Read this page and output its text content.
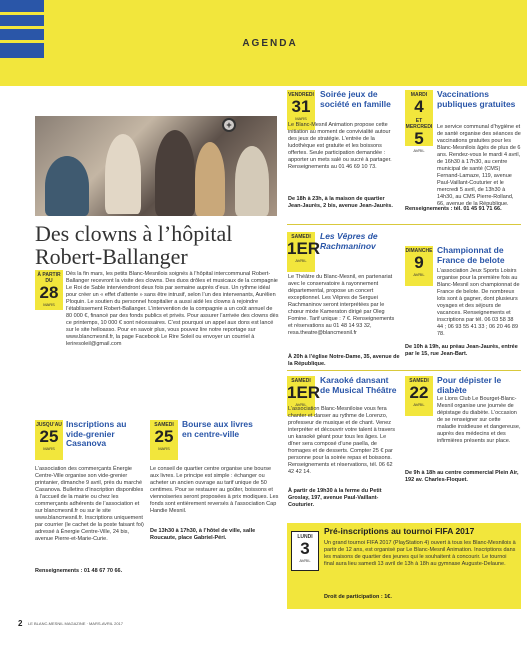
AGENDA
+
Des clowns à l’hôpital Robert-Ballanger
À PARTIR DU
28
MARS
Dès la fin mars, les petits Blanc-Mesnilois soignés à l’hôpital intercommunal Robert-Ballanger recevront la visite des clowns. Des duos drôles et musicaux de la compagnie Le Roi de Sable interviendront deux fois par semaine auprès d’eux. Un rythme idéal pour créer un « effet d’attente » sans être intrusif, selon l’un des intervenants, Aurélien Ploquin. Le soutien du personnel hospitalier a aussi aidé les clowns à rejoindre l’établissement Robert-Ballanger. L’intervention de la compagnie a un coût annuel de 80 000 €, financé par des fonds publics et privés. Pour assurer l’arrivée des clowns dès ce printemps, 10 000 € sont nécessaires. C’est pourquoi un appel aux dons est lancé sur le site helloasso. Pour en savoir plus, vous pouvez lire notre reportage sur www.blancmesnil.fr, la page Facebook Le Rire Soleil ou envoyer un courriel à leriresoleil@gmail.com
VENDREDI
31
MARS
Soirée jeux de société en famille
Le Blanc-Mesnil Animation propose cette initiation au moment de convivialité autour des jeux de stratégie. L’entrée de la ludothèque est gratuite et les boissons offertes. Seule participation demandée : apporter un mets salé ou sucré à partager. Renseignements au 01 46 69 10 73.
De 18h à 23h, à la maison de quartier Jean-Jaurès, 2 bis, avenue Jean-Jaurès.
MARDI
4
ET MERCREDI
5
AVRIL
Vaccinations publiques gratuites
Le service communal d’hygiène et de santé organise des séances de vaccinations gratuites pour les Blanc-Mesnilois âgés de plus de 6 ans. Rendez-vous le mardi 4 avril, de 16h30 à 17h30, au centre municipal de santé (CMS) Fernand-Lamaze, 119, avenue Paul-Vaillant-Couturier et le mercredi 5 avril, de 13h30 à 14h30, au CMS Pierre-Rolland, 66, avenue de la République.
Renseignements : tél. 01 45 91 71 66.
SAMEDI
1ER
AVRIL
Les Vêpres de Rachmaninov
Le Théâtre du Blanc-Mesnil, en partenariat avec le conservatoire à rayonnement départemental, propose un concert exceptionnel. Les Vêpres de Serguei Rachmaninov seront interprétées par le chœur mixte Kameraton dirigé par Oleg Fomine. Tarif unique : 7 €. Renseignements et réservations au 01 48 14 93 32, resa.theatre@blancmesnil.fr
À 20h à l’église Notre-Dame, 35, avenue de la République.
DIMANCHE
9
AVRIL
Championnat de France de belote
L’association Jeux Sports Loisirs organise pour la première fois au Blanc-Mesnil son championnat de France de belote. De nombreux lots sont à gagner, dont plusieurs voyages et des séjours de vacances. Renseignements et inscriptions par tél. 06 03 58 38 44 ; 06 93 55 41 33 ; 06 20 46 89 78.
De 10h à 19h, au préau Jean-Jaurès, entrée par le 15, rue Jean-Bart.
SAMEDI
1ER
AVRIL
Karaoké dansant de Musical Théâtre
L’association Blanc-Mesniloise vous fera chanter et danser au rythme de Lorenzo, professeur de musique et de chant. Venez interpréter et découvrir votre talent à travers un karaoké géant pour tous les âges. Le dîner sera composé d’une paella, de fromages et de desserts. Compter 25 € par personne pour la soirée repas et boissons. Renseignements et réservations, tél. 06 62 42 42 14.
À partir de 19h30 à la ferme du Petit Groslay, 197, avenue Paul-Vaillant-Couturier.
SAMEDI
22
AVRIL
Pour dépister le diabète
Le Lions Club Le Bourget-Blanc-Mesnil organise une journée de dépistage du diabète. L’occasion de se renseigner sur cette maladie insidieuse et dangereuse, auprès des médecins et des infirmières présents sur place.
De 9h à 18h au centre commercial Plein Air, 192 av. Charles-Floquet.
JUSQU’AU
25
MARS
Inscriptions au vide-grenier Casanova
L’association des commerçants Énergie Centre-Ville organise son vide-grenier printanier, dimanche 9 avril, près du marché Casanova. Bulletins d’inscription disponibles à l’accueil de la mairie ou chez les commerçants adhérents de l’association et sur blancmesnil.fr ou sur le site www.blancmesnil.fr. Inscriptions uniquement par courrier (le cachet de la poste faisant foi) adressé à Énergie Centre-Ville, 24 bis, avenue Pierre-et-Marie-Curie.
Renseignements : 01 48 67 70 66.
SAMEDI
25
MARS
Bourse aux livres en centre-ville
Le conseil de quartier centre organise une bourse aux livres. Le principe est simple : échanger ou acheter un ancien ouvrage au tarif unique de 50 centimes. Pour se restaurer au goûter, boissons et viennoiseries seront proposées à prix modiques. Les fonds sont entièrement reversés à l’association Cap Handie Mesnil.
De 13h30 à 17h30, à l’hôtel de ville, salle Roucaute, place Gabriel-Péri.	LUNDI
3
AVRIL
Pré-inscriptions au tournoi FIFA 2017
Un grand tournoi FIFA 2017 (PlayStation 4) ouvert à tous les Blanc-Mesnilois à partir de 12 ans, est organisé par Le Blanc-Mesnil Animation. Inscriptions dans les maisons de quartier des jeunes qui le souhaitent à concourir. Le tournoi final aura lieu samedi 13 avril de 13h à 18h au gymnase Auguste-Delaune.
Droit de participation : 1€.
2 LE BLANC-MESNIL MAGAZINE · MARS-AVRIL 2017
